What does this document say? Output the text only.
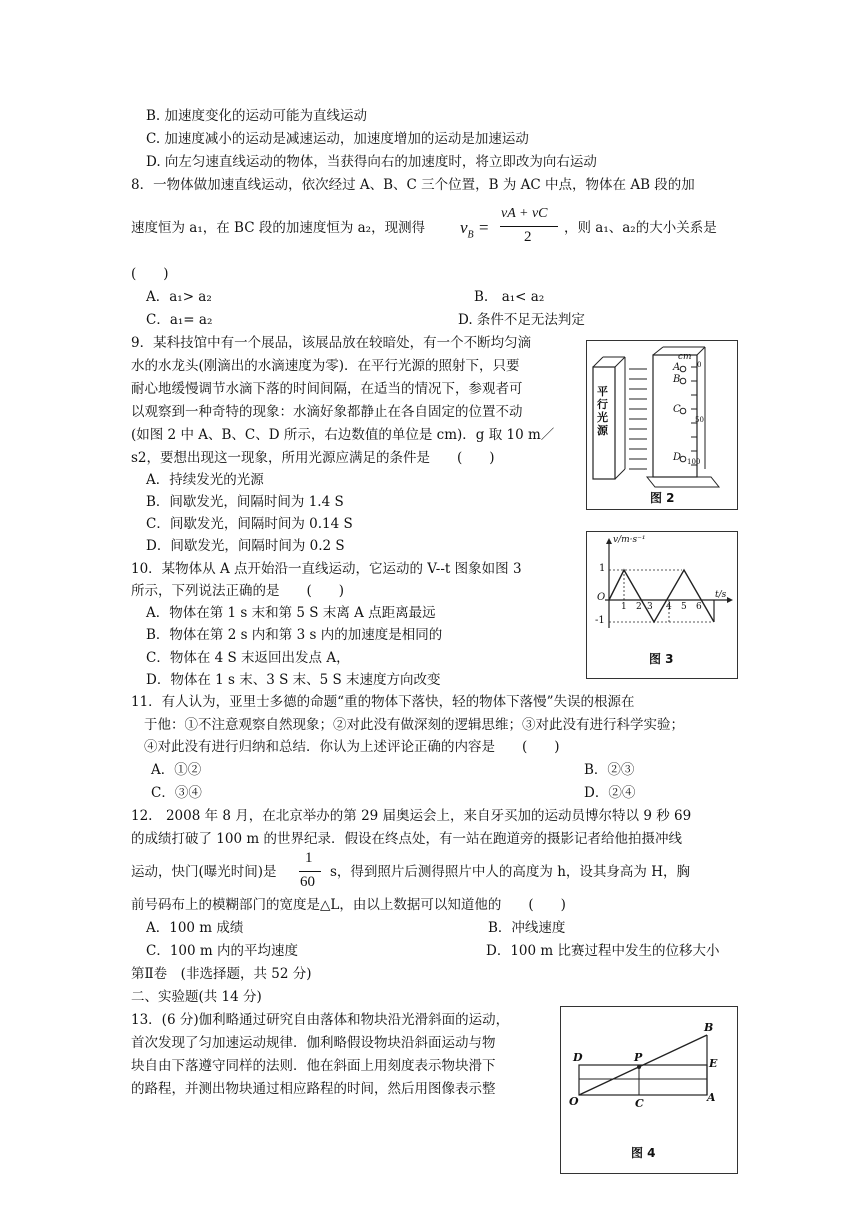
B. 加速度变化的运动可能为直线运动
C. 加速度减小的运动是减速运动，加速度增加的运动是加速运动
D. 向左匀速直线运动的物体，当获得向右的加速度时，将立即改为向右运动
8．一物体做加速直线运动，依次经过 A、B、C 三个位置，B 为 AC 中点，物体在 AB 段的加
速度恒为 a₁，在 BC 段的加速度恒为 a₂，现测得 $v_B$ =
vA + vC
2
，则 a₁、a₂的大小关系是
(　　)
A．a₁> a₂	B.　a₁< a₂
C．a₁= a₂	D. 条件不足无法判定
9．某科技馆中有一个展品，该展品放在较暗处，有一个不断均匀滴
水的水龙头(刚滴出的水滴速度为零)．在平行光源的照射下，只要
耐心地缓慢调节水滴下落的时间间隔，在适当的情况下，参观者可
以观察到一种奇特的现象：水滴好象都静止在各自固定的位置不动
(如图 2 中 A、B、C、D 所示，右边数值的单位是 cm)．g 取 10 m／
s2，要想出现这一现象，所用光源应满足的条件是　　(　　)
A．持续发光的光源
B．间歇发光，间隔时间为 1.4 S
C．间歇发光，间隔时间为 0.14 S
D．间歇发光，间隔时间为 0.2 S
平行光源
cm
0
50
100
A
B
C
D
图 2
10．某物体从 A 点开始沿一直线运动，它运动的 V--t 图象如图 3
所示，下列说法正确的是　　(　　)
A．物体在第 1 s 末和第 5 S 末离 A 点距离最远
B．物体在第 2 s 内和第 3 s 内的加速度是相同的
C．物体在 4 S 末返回出发点 A，
D．物体在 1 s 末、3 S 末、5 S 末速度方向改变
v/m·s⁻¹
t/s
O
1
-1
1 2 3 4 5 6
图 3
11．有人认为，亚里士多德的命题“重的物体下落快，轻的物体下落慢”失误的根源在
于他：①不注意观察自然现象；②对此没有做深刻的逻辑思维；③对此没有进行科学实验；
④对此没有进行归纳和总结．你认为上述评论正确的内容是　　(　　)
A．①②	B．②③
C．③④	D．②④
12.　2008 年 8 月，在北京举办的第 29 届奥运会上，来自牙买加的运动员博尔特以 9 秒 69
的成绩打破了 100 m 的世界纪录．假设在终点处，有一站在跑道旁的摄影记者给他拍摄冲线
运动，快门(曝光时间)是
1
60
s，得到照片后测得照片中人的高度为 h，设其身高为 H，胸
前号码布上的模糊部门的宽度是△L，由以上数据可以知道他的　　(　　)
A．100 m 成绩	B．冲线速度
C．100 m 内的平均速度	D．100 m 比赛过程中发生的位移大小
第Ⅱ卷　(非选择题，共 52 分)
二、实验题(共 14 分)
13．(6 分)伽利略通过研究自由落体和物块沿光滑斜面的运动，
首次发现了匀加速运动规律．伽利略假设物块沿斜面运动与物
块自由下落遵守同样的法则．他在斜面上用刻度表示物块滑下
的路程，并测出物块通过相应路程的时间，然后用图像表示整
B
D	P	E
O	C	A
图 4
